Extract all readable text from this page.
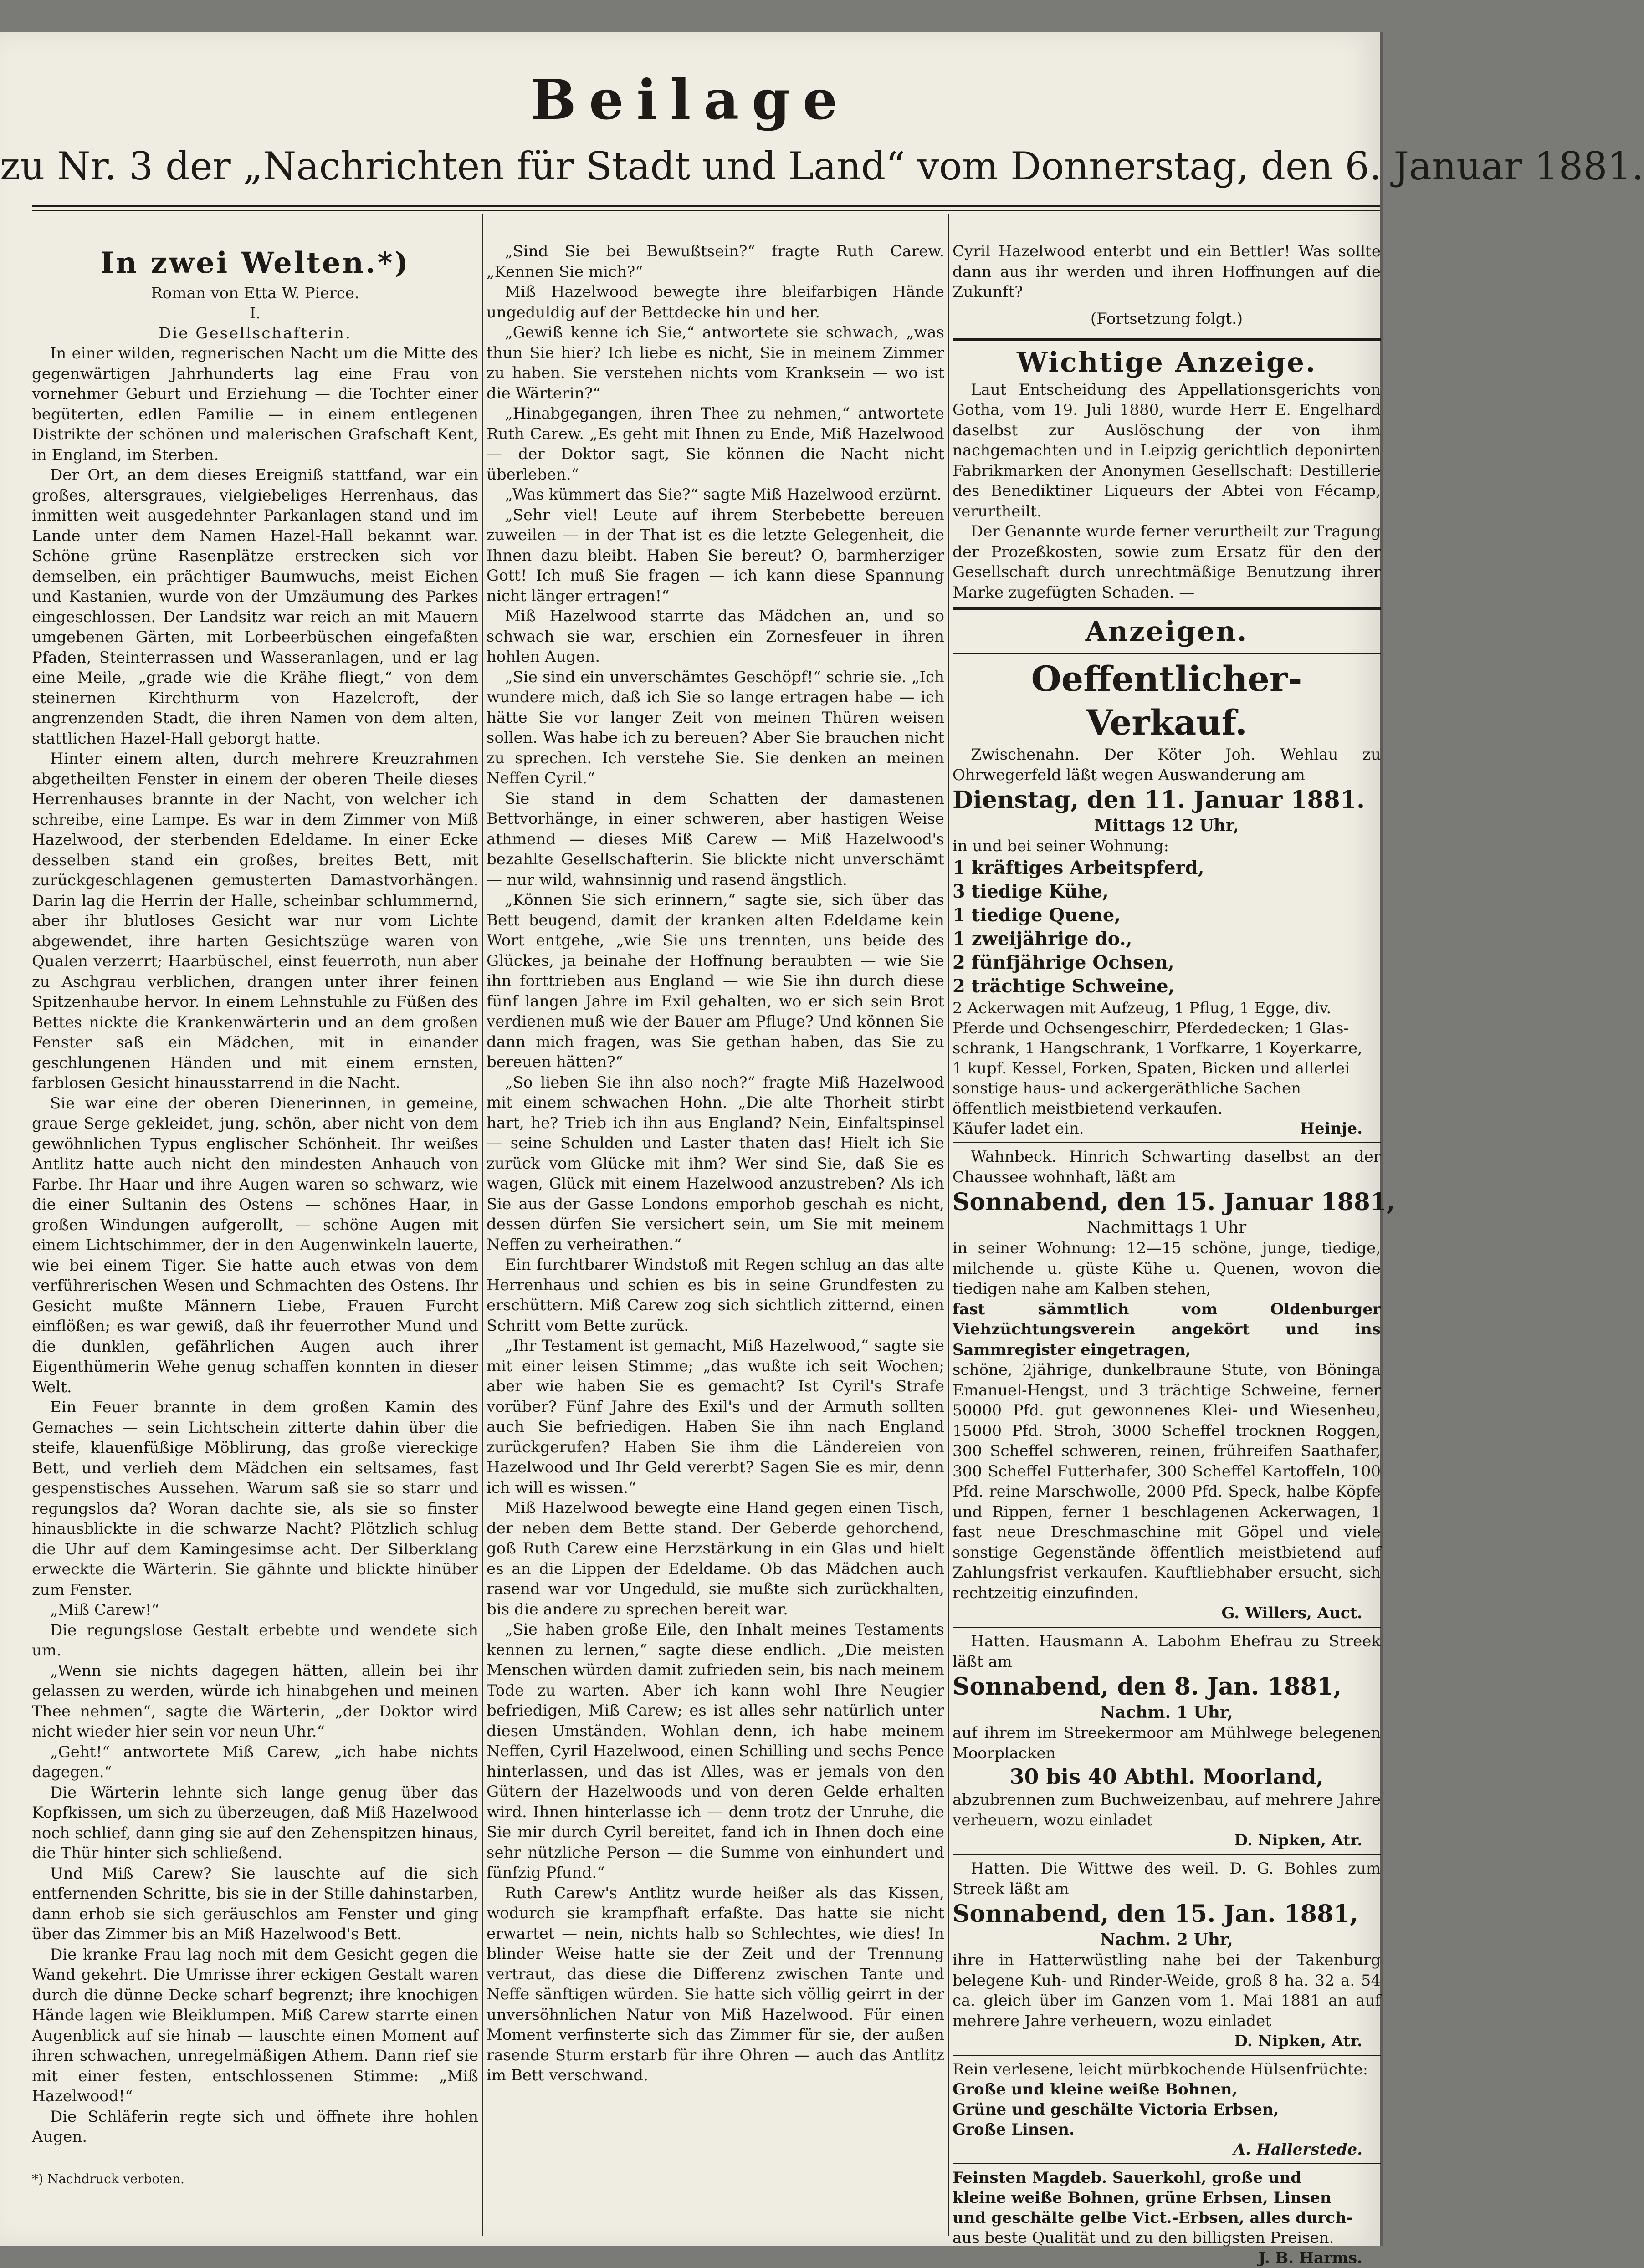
Beilage
zu Nr. 3 der „Nachrichten für Stadt und Land“ vom Donnerstag, den 6. Januar 1881.
In zwei Welten.*)
Roman von Etta W. Pierce.
I.
Die Gesellschafterin.

In einer wilden, regnerischen Nacht um die Mitte des gegenwärtigen Jahrhunderts lag eine Frau von vornehmer Geburt und Erziehung — die Tochter einer begüterten, edlen Familie — in einem entlegenen Distrikte der schönen und malerischen Grafschaft Kent, in England, im Sterben.

Der Ort, an dem dieses Ereigniß stattfand, war ein großes, altersgraues, vielgiebeliges Herrenhaus, das inmitten weit ausgedehnter Parkanlagen stand und im Lande unter dem Namen Hazel-Hall bekannt war. Schöne grüne Rasenplätze erstrecken sich vor demselben, ein prächtiger Baumwuchs, meist Eichen und Kastanien, wurde von der Umzäumung des Parkes eingeschlossen. Der Landsitz war reich an mit Mauern umgebenen Gärten, mit Lorbeerbüschen eingefaßten Pfaden, Steinterrassen und Wasseranlagen, und er lag eine Meile, „grade wie die Krähe fliegt,“ von dem steinernen Kirchthurm von Hazelcroft, der angrenzenden Stadt, die ihren Namen von dem alten, stattlichen Hazel-Hall geborgt hatte.

Hinter einem alten, durch mehrere Kreuzrahmen abgetheilten Fenster in einem der oberen Theile dieses Herrenhauses brannte in der Nacht, von welcher ich schreibe, eine Lampe. Es war in dem Zimmer von Miß Hazelwood, der sterbenden Edeldame. In einer Ecke desselben stand ein großes, breites Bett, mit zurückgeschlagenen gemusterten Damastvorhängen. Darin lag die Herrin der Halle, scheinbar schlummernd, aber ihr blutloses Gesicht war nur vom Lichte abgewendet, ihre harten Gesichtszüge waren von Qualen verzerrt; Haarbüschel, einst feuerroth, nun aber zu Aschgrau verblichen, drangen unter ihrer feinen Spitzenhaube hervor. In einem Lehnstuhle zu Füßen des Bettes nickte die Krankenwärterin und an dem großen Fenster saß ein Mädchen, mit in einander geschlungenen Händen und mit einem ernsten, farblosen Gesicht hinausstarrend in die Nacht.

Sie war eine der oberen Dienerinnen, in gemeine, graue Serge gekleidet, jung, schön, aber nicht von dem gewöhnlichen Typus englischer Schönheit. Ihr weißes Antlitz hatte auch nicht den mindesten Anhauch von Farbe. Ihr Haar und ihre Augen waren so schwarz, wie die einer Sultanin des Ostens — schönes Haar, in großen Windungen aufgerollt, — schöne Augen mit einem Lichtschimmer, der in den Augenwinkeln lauerte, wie bei einem Tiger. Sie hatte auch etwas von dem verführerischen Wesen und Schmachten des Ostens. Ihr Gesicht mußte Männern Liebe, Frauen Furcht einflößen; es war gewiß, daß ihr feuerrother Mund und die dunklen, gefährlichen Augen auch ihrer Eigenthümerin Wehe genug schaffen konnten in dieser Welt.

Ein Feuer brannte in dem großen Kamin des Gemaches — sein Lichtschein zitterte dahin über die steife, klauenfüßige Möblirung, das große viereckige Bett, und verlieh dem Mädchen ein seltsames, fast gespenstisches Aussehen. Warum saß sie so starr und regungslos da? Woran dachte sie, als sie so finster hinausblickte in die schwarze Nacht? Plötzlich schlug die Uhr auf dem Kamingesimse acht. Der Silberklang erweckte die Wärterin. Sie gähnte und blickte hinüber zum Fenster.

„Miß Carew!“

Die regungslose Gestalt erbebte und wendete sich um.

„Wenn sie nichts dagegen hätten, allein bei ihr gelassen zu werden, würde ich hinabgehen und meinen Thee nehmen“, sagte die Wärterin, „der Doktor wird nicht wieder hier sein vor neun Uhr.“

„Geht!“ antwortete Miß Carew, „ich habe nichts dagegen.“

Die Wärterin lehnte sich lange genug über das Kopfkissen, um sich zu überzeugen, daß Miß Hazelwood noch schlief, dann ging sie auf den Zehenspitzen hinaus, die Thür hinter sich schließend.

Und Miß Carew? Sie lauschte auf die sich entfernenden Schritte, bis sie in der Stille dahinstarben, dann erhob sie sich geräuschlos am Fenster und ging über das Zimmer bis an Miß Hazelwood's Bett.

Die kranke Frau lag noch mit dem Gesicht gegen die Wand gekehrt. Die Umrisse ihrer eckigen Gestalt waren durch die dünne Decke scharf begrenzt; ihre knochigen Hände lagen wie Bleiklumpen. Miß Carew starrte einen Augenblick auf sie hinab — lauschte einen Moment auf ihren schwachen, unregelmäßigen Athem. Dann rief sie mit einer festen, entschlossenen Stimme: „Miß Hazelwood!“

Die Schläferin regte sich und öffnete ihre hohlen Augen.

*) Nachdruck verboten.

„Sind Sie bei Bewußtsein?“ fragte Ruth Carew. „Kennen Sie mich?“

Miß Hazelwood bewegte ihre bleifarbigen Hände ungeduldig auf der Bettdecke hin und her.

„Gewiß kenne ich Sie,“ antwortete sie schwach, „was thun Sie hier? Ich liebe es nicht, Sie in meinem Zimmer zu haben. Sie verstehen nichts vom Kranksein — wo ist die Wärterin?“

„Hinabgegangen, ihren Thee zu nehmen,“ antwortete Ruth Carew. „Es geht mit Ihnen zu Ende, Miß Hazelwood — der Doktor sagt, Sie können die Nacht nicht überleben.“

„Was kümmert das Sie?“ sagte Miß Hazelwood erzürnt.

„Sehr viel! Leute auf ihrem Sterbebette bereuen zuweilen — in der That ist es die letzte Gelegenheit, die Ihnen dazu bleibt. Haben Sie bereut? O, barmherziger Gott! Ich muß Sie fragen — ich kann diese Spannung nicht länger ertragen!“

Miß Hazelwood starrte das Mädchen an, und so schwach sie war, erschien ein Zornesfeuer in ihren hohlen Augen.

„Sie sind ein unverschämtes Geschöpf!“ schrie sie. „Ich wundere mich, daß ich Sie so lange ertragen habe — ich hätte Sie vor langer Zeit von meinen Thüren weisen sollen. Was habe ich zu bereuen? Aber Sie brauchen nicht zu sprechen. Ich verstehe Sie. Sie denken an meinen Neffen Cyril.“

Sie stand in dem Schatten der damastenen Bettvorhänge, in einer schweren, aber hastigen Weise athmend — dieses Miß Carew — Miß Hazelwood's bezahlte Gesellschafterin. Sie blickte nicht unverschämt — nur wild, wahnsinnig und rasend ängstlich.

„Können Sie sich erinnern,“ sagte sie, sich über das Bett beugend, damit der kranken alten Edeldame kein Wort entgehe, „wie Sie uns trennten, uns beide des Glückes, ja beinahe der Hoffnung beraubten — wie Sie ihn forttrieben aus England — wie Sie ihn durch diese fünf langen Jahre im Exil gehalten, wo er sich sein Brot verdienen muß wie der Bauer am Pfluge? Und können Sie dann mich fragen, was Sie gethan haben, das Sie zu bereuen hätten?“

„So lieben Sie ihn also noch?“ fragte Miß Hazelwood mit einem schwachen Hohn. „Die alte Thorheit stirbt hart, he? Trieb ich ihn aus England? Nein, Einfaltspinsel — seine Schulden und Laster thaten das! Hielt ich Sie zurück vom Glücke mit ihm? Wer sind Sie, daß Sie es wagen, Glück mit einem Hazelwood anzustreben? Als ich Sie aus der Gasse Londons emporhob geschah es nicht, dessen dürfen Sie versichert sein, um Sie mit meinem Neffen zu verheirathen.“

Ein furchtbarer Windstoß mit Regen schlug an das alte Herrenhaus und schien es bis in seine Grundfesten zu erschüttern. Miß Carew zog sich sichtlich zitternd, einen Schritt vom Bette zurück.

„Ihr Testament ist gemacht, Miß Hazelwood,“ sagte sie mit einer leisen Stimme; „das wußte ich seit Wochen; aber wie haben Sie es gemacht? Ist Cyril's Strafe vorüber? Fünf Jahre des Exil's und der Armuth sollten auch Sie befriedigen. Haben Sie ihn nach England zurückgerufen? Haben Sie ihm die Ländereien von Hazelwood und Ihr Geld vererbt? Sagen Sie es mir, denn ich will es wissen.“

Miß Hazelwood bewegte eine Hand gegen einen Tisch, der neben dem Bette stand. Der Geberde gehorchend, goß Ruth Carew eine Herzstärkung in ein Glas und hielt es an die Lippen der Edeldame. Ob das Mädchen auch rasend war vor Ungeduld, sie mußte sich zurückhalten, bis die andere zu sprechen bereit war.

„Sie haben große Eile, den Inhalt meines Testaments kennen zu lernen,“ sagte diese endlich. „Die meisten Menschen würden damit zufrieden sein, bis nach meinem Tode zu warten. Aber ich kann wohl Ihre Neugier befriedigen, Miß Carew; es ist alles sehr natürlich unter diesen Umständen. Wohlan denn, ich habe meinem Neffen, Cyril Hazelwood, einen Schilling und sechs Pence hinterlassen, und das ist Alles, was er jemals von den Gütern der Hazelwoods und von deren Gelde erhalten wird. Ihnen hinterlasse ich — denn trotz der Unruhe, die Sie mir durch Cyril bereitet, fand ich in Ihnen doch eine sehr nützliche Person — die Summe von einhundert und fünfzig Pfund.“

Ruth Carew's Antlitz wurde heißer als das Kissen, wodurch sie krampfhaft erfaßte. Das hatte sie nicht erwartet — nein, nichts halb so Schlechtes, wie dies! In blinder Weise hatte sie der Zeit und der Trennung vertraut, das diese die Differenz zwischen Tante und Neffe sänftigen würden. Sie hatte sich völlig geirrt in der unversöhnlichen Natur von Miß Hazelwood. Für einen Moment verfinsterte sich das Zimmer für sie, der außen rasende Sturm erstarb für ihre Ohren — auch das Antlitz im Bett verschwand.

Cyril Hazelwood enterbt und ein Bettler! Was sollte dann aus ihr werden und ihren Hoffnungen auf die Zukunft?

(Fortsetzung folgt.)
Wichtige Anzeige.

Laut Entscheidung des Appellationsgerichts von Gotha, vom 19. Juli 1880, wurde Herr E. Engelhard daselbst zur Auslöschung der von ihm nachgemachten und in Leipzig gerichtlich deponirten Fabrikmarken der Anonymen Gesellschaft: Destillerie des Benediktiner Liqueurs der Abtei von Fécamp, verurtheilt.

Der Genannte wurde ferner verurtheilt zur Tragung der Prozeßkosten, sowie zum Ersatz für den der Gesellschaft durch unrechtmäßige Benutzung ihrer Marke zugefügten Schaden. —

Anzeigen.
Oeffentlicher-Verkauf.

Zwischenahn. Der Köter Joh. Wehlau zu Ohrwegerfeld läßt wegen Auswanderung am

Dienstag, den 11. Januar 1881.
Mittags 12 Uhr,
in und bei seiner Wohnung:
1 kräftiges Arbeitspferd,
3 tiedige Kühe,
1 tiedige Quene,
1 zweijährige do.,
2 fünfjährige Ochsen,
2 trächtige Schweine,
2 Ackerwagen mit Aufzeug, 1 Pflug, 1 Egge, div.
Pferde und Ochsengeschirr, Pferdedecken; 1 Glas-
schrank, 1 Hangschrank, 1 Vorfkarre, 1 Koyerkarre,
1 kupf. Kessel, Forken, Spaten, Bicken und allerlei
sonstige haus- und ackergeräthliche Sachen
öffentlich meistbietend verkaufen.
Käufer ladet ein.	Heinje.

Wahnbeck. Hinrich Schwarting daselbst an der Chaussee wohnhaft, läßt am

Sonnabend, den 15. Januar 1881,
Nachmittags 1 Uhr

in seiner Wohnung: 12—15 schöne, junge, tiedige, milchende u. güste Kühe u. Quenen, wovon die tiedigen nahe am Kalben stehen,

fast sämmtlich vom Oldenburger Viehzüchtungsverein angekört und ins Sammregister eingetragen,

schöne, 2jährige, dunkelbraune Stute, von Böninga Emanuel-Hengst, und 3 trächtige Schweine, ferner 50000 Pfd. gut gewonnenes Klei- und Wiesenheu, 15000 Pfd. Stroh, 3000 Scheffel trocknen Roggen, 300 Scheffel schweren, reinen, frühreifen Saathafer, 300 Scheffel Futterhafer, 300 Scheffel Kartoffeln, 100 Pfd. reine Marschwolle, 2000 Pfd. Speck, halbe Köpfe und Rippen, ferner 1 beschlagenen Ackerwagen, 1 fast neue Dreschmaschine mit Göpel und viele sonstige Gegenstände öffentlich meistbietend auf Zahlungsfrist verkaufen. Kauftliebhaber ersucht, sich rechtzeitig einzufinden.

G. Willers, Auct.

Hatten. Hausmann A. Labohm Ehefrau zu Streek läßt am

Sonnabend, den 8. Jan. 1881,
Nachm. 1 Uhr,

auf ihrem im Streekermoor am Mühlwege belegenen Moorplacken

30 bis 40 Abthl. Moorland,

abzubrennen zum Buchweizenbau, auf mehrere Jahre verheuern, wozu einladet

D. Nipken, Atr.

Hatten. Die Wittwe des weil. D. G. Bohles zum Streek läßt am

Sonnabend, den 15. Jan. 1881,
Nachm. 2 Uhr,

ihre in Hatterwüstling nahe bei der Takenburg belegene Kuh- und Rinder-Weide, groß 8 ha. 32 a. 54 ca. gleich über im Ganzen vom 1. Mai 1881 an auf mehrere Jahre verheuern, wozu einladet

D. Nipken, Atr.
Rein verlesene, leicht mürbkochende Hülsenfrüchte:
Große und kleine weiße Bohnen,
Grüne und geschälte Victoria Erbsen,
Große Linsen.
A. Hallerstede.
Feinsten Magdeb. Sauerkohl, große und
kleine weiße Bohnen, grüne Erbsen, Linsen
und geschälte gelbe Vict.-Erbsen, alles durch-
aus beste Qualität und zu den billigsten Preisen.
J. B. Harms.
